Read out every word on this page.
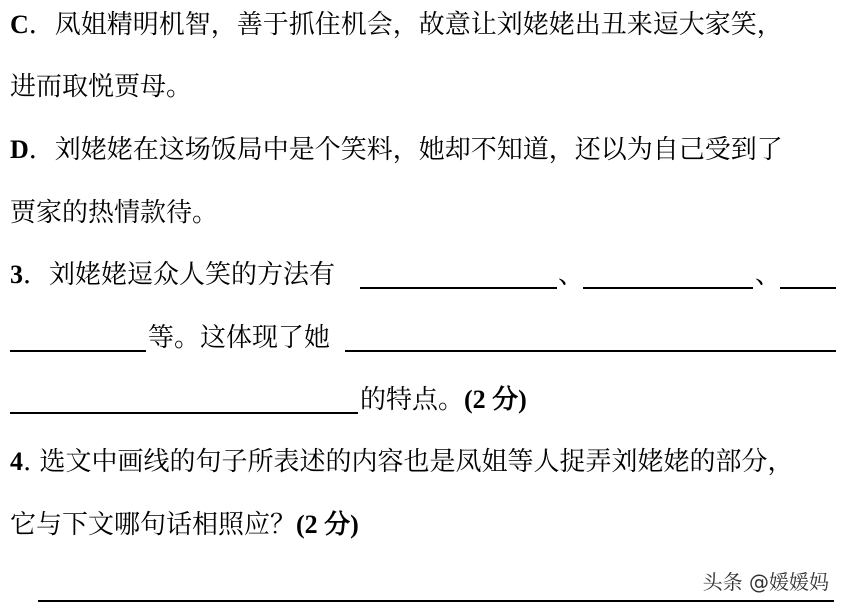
C．凤姐精明机智，善于抓住机会，故意让刘姥姥出丑来逗大家笑，
进而取悦贾母。
D．刘姥姥在这场饭局中是个笑料，她却不知道，还以为自己受到了
贾家的热情款待。
3．刘姥姥逗众人笑的方法有	、	、
等。这体现了她
的特点。(2 分)
4. 选文中画线的句子所表述的内容也是凤姐等人捉弄刘姥姥的部分，
它与下文哪句话相照应？(2 分)
头条 @媛媛妈
